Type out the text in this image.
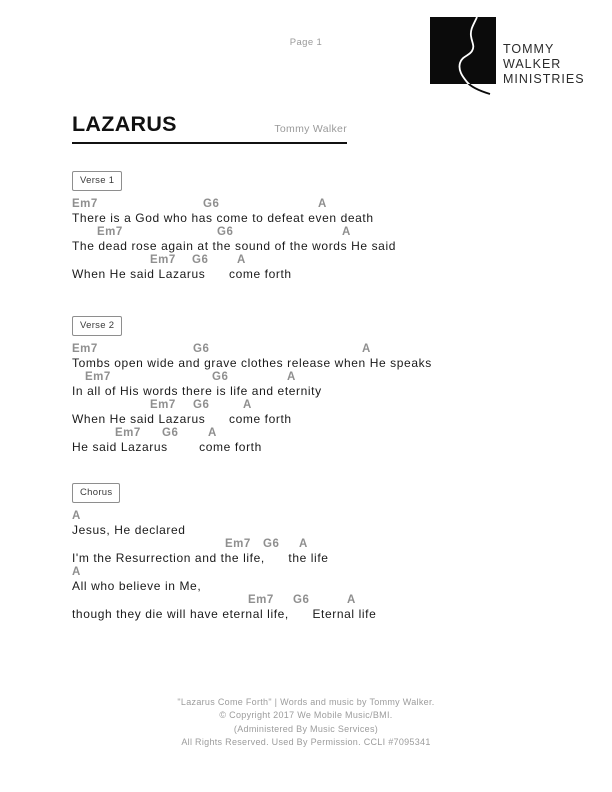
Page 1	TOMMY
WALKER
MINISTRIES
LAZARUS	Tommy Walker
Verse 1
Em7	G6	A
There is a God who has come to defeat even death
Em7	G6	A
The dead rose again at the sound of the words He said
Em7 G6 A
When He said Lazarus      come forth
Verse 2
Em7	G6	A
Tombs open wide and grave clothes release when He speaks
Em7	G6	A
In all of His words there is life and eternity
Em7 G6	A
When He said Lazarus      come forth
Em7 G6	A
He said Lazarus        come forth
Chorus
A
Jesus, He declared
Em7 G6 A
I'm the Resurrection and the life,      the life
A
All who believe in Me,
Em7 G6	A
though they die will have eternal life,      Eternal life
"Lazarus Come Forth" | Words and music by Tommy Walker.
© Copyright 2017 We Mobile Music/BMI.
(Administered By Music Services)
All Rights Reserved. Used By Permission. CCLI #7095341
